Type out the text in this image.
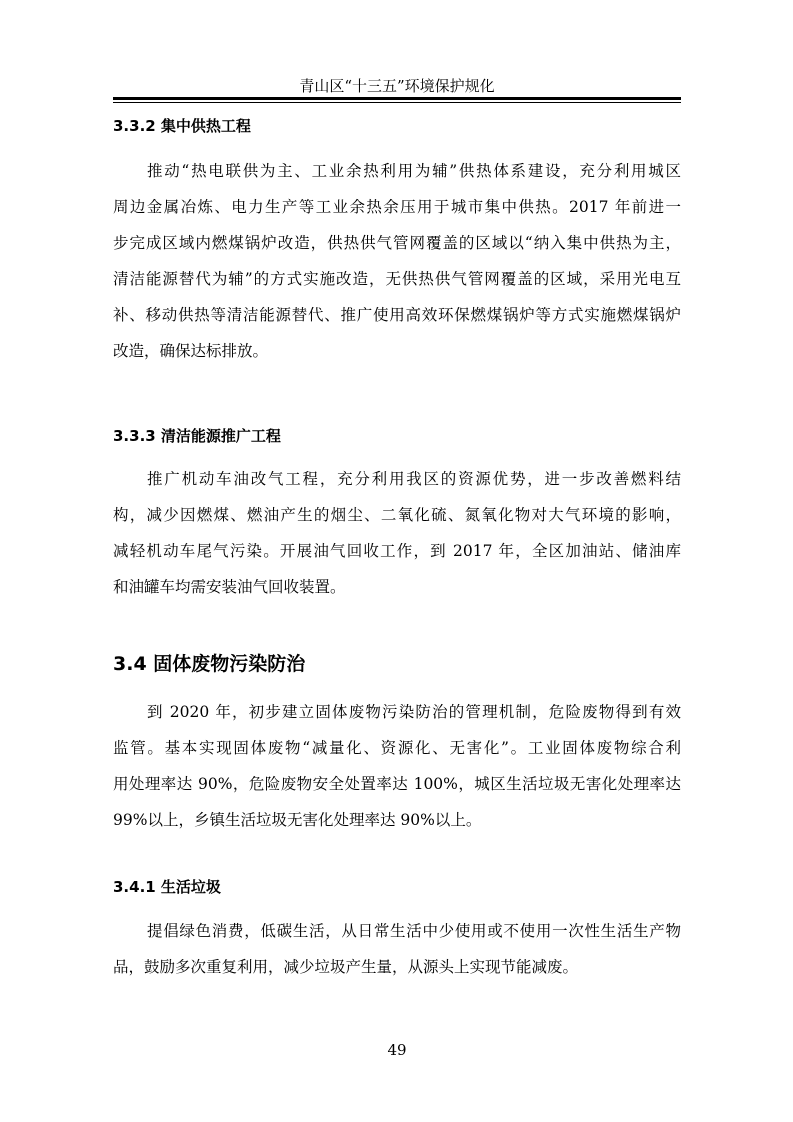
青山区“十三五”环境保护规化
3.3.2 集中供热工程
推动“热电联供为主、工业余热利用为辅”供热体系建设，充分利用城区
周边金属冶炼、电力生产等工业余热余压用于城市集中供热。2017 年前进一
步完成区域内燃煤锅炉改造，供热供气管网覆盖的区域以“纳入集中供热为主，
清洁能源替代为辅”的方式实施改造，无供热供气管网覆盖的区域，采用光电互
补、移动供热等清洁能源替代、推广使用高效环保燃煤锅炉等方式实施燃煤锅炉
改造，确保达标排放。
3.3.3 清洁能源推广工程
推广机动车油改气工程，充分利用我区的资源优势，进一步改善燃料结
构，减少因燃煤、燃油产生的烟尘、二氧化硫、氮氧化物对大气环境的影响，
减轻机动车尾气污染。开展油气回收工作，到 2017 年，全区加油站、储油库
和油罐车均需安装油气回收装置。
3.4 固体废物污染防治
到 2020 年，初步建立固体废物污染防治的管理机制，危险废物得到有效
监管。基本实现固体废物“减量化、资源化、无害化”。工业固体废物综合利
用处理率达 90%，危险废物安全处置率达 100%，城区生活垃圾无害化处理率达
99%以上，乡镇生活垃圾无害化处理率达 90%以上。
3.4.1 生活垃圾
提倡绿色消费，低碳生活，从日常生活中少使用或不使用一次性生活生产物
品，鼓励多次重复利用，减少垃圾产生量，从源头上实现节能减废。
49
